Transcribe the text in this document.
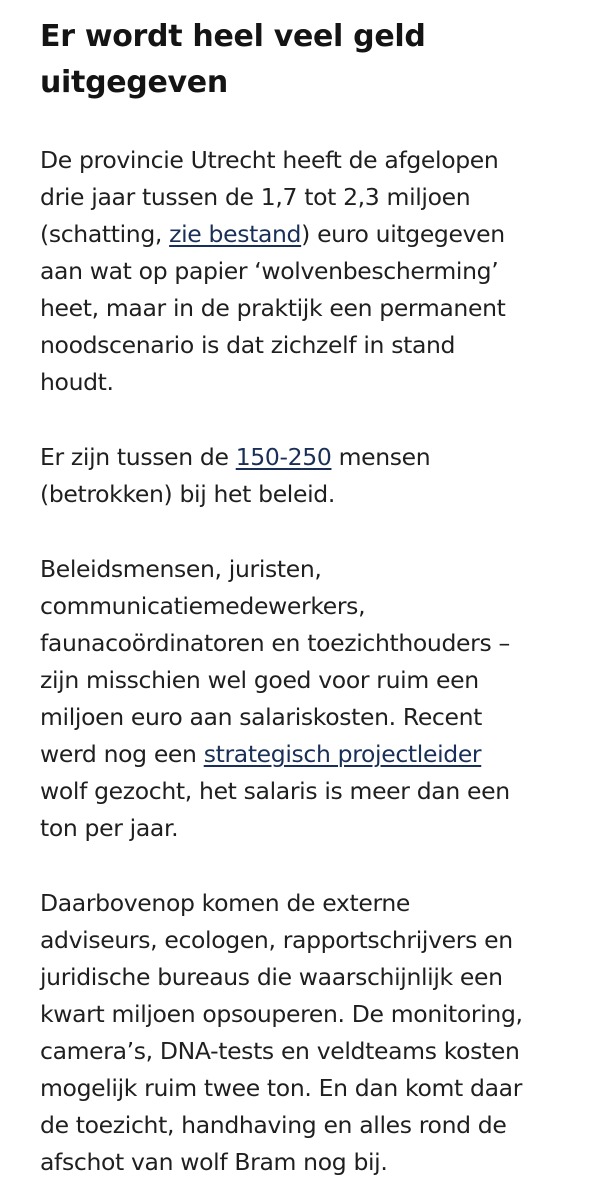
Er wordt heel veel geld
uitgegeven

De provincie Utrecht heeft de afgelopen
drie jaar tussen de 1,7 tot 2,3 miljoen
(schatting, zie bestand) euro uitgegeven
aan wat op papier ‘wolvenbescherming’
heet, maar in de praktijk een permanent
noodscenario is dat zichzelf in stand
houdt.

Er zijn tussen de 150-250 mensen
(betrokken) bij het beleid.

Beleidsmensen, juristen,
communicatiemedewerkers,
faunacoördinatoren en toezichthouders –
zijn misschien wel goed voor ruim een
miljoen euro aan salariskosten. Recent
werd nog een strategisch projectleider
wolf gezocht, het salaris is meer dan een
ton per jaar.

Daarbovenop komen de externe
adviseurs, ecologen, rapportschrijvers en
juridische bureaus die waarschijnlijk een
kwart miljoen opsouperen. De monitoring,
camera’s, DNA-tests en veldteams kosten
mogelijk ruim twee ton. En dan komt daar
de toezicht, handhaving en alles rond de
afschot van wolf Bram nog bij.
